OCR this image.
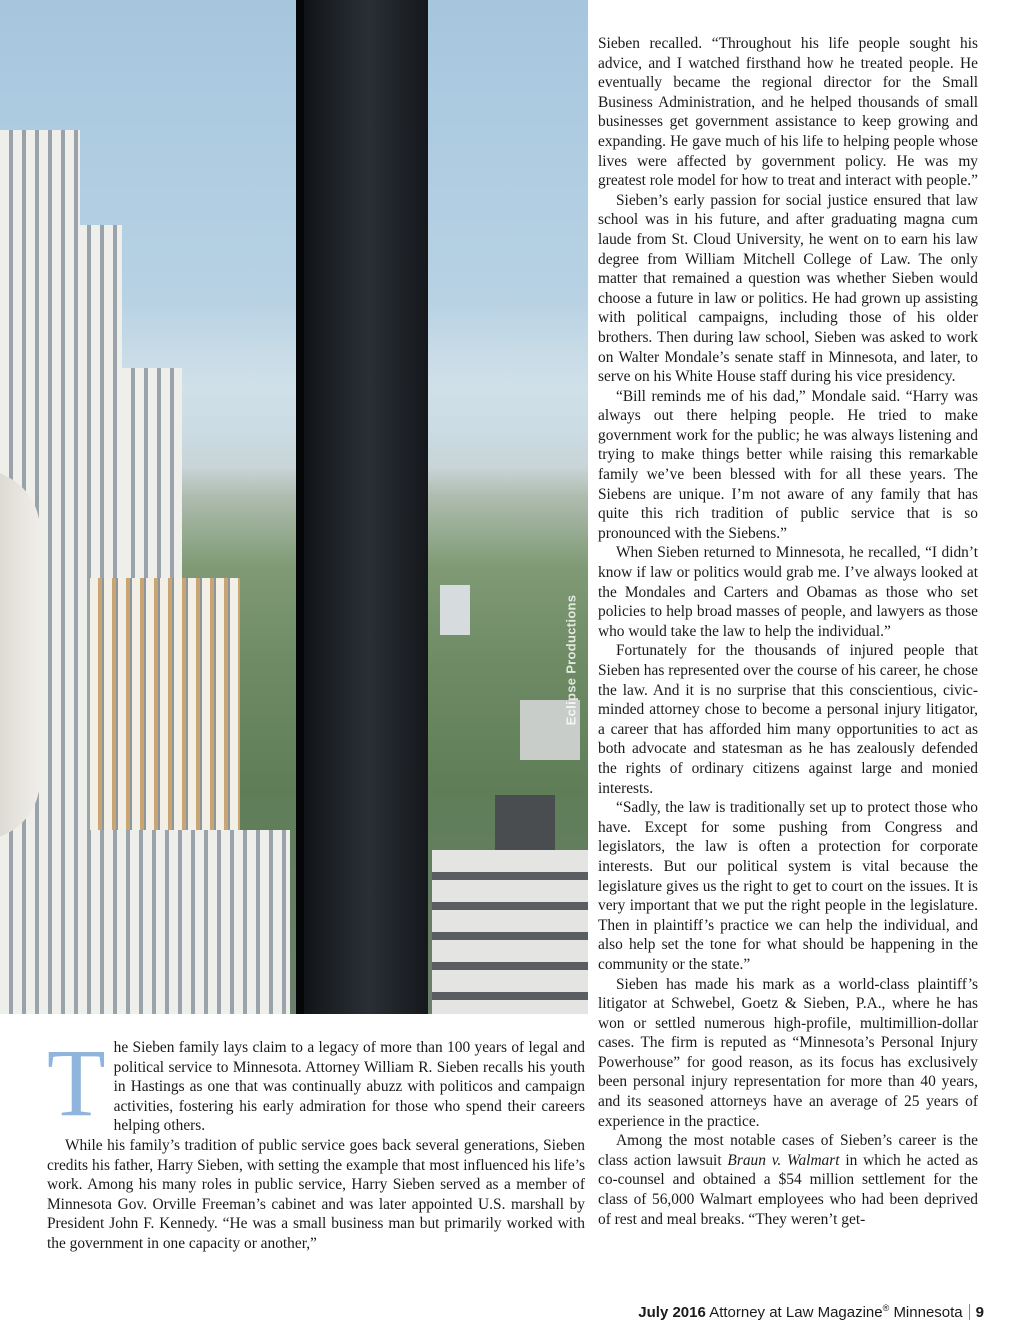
Eclipse Productions

Sieben recalled. “Throughout his life people sought his advice, and I watched firsthand how he treated people. He eventually became the regional director for the Small Business Administration, and he helped thousands of small businesses get government assistance to keep growing and expanding. He gave much of his life to helping people whose lives were affected by government policy. He was my greatest role model for how to treat and interact with people.”

Sieben’s early passion for social justice ensured that law school was in his future, and after graduating magna cum laude from St. Cloud University, he went on to earn his law degree from William Mitchell College of Law. The only matter that remained a question was whether Sieben would choose a future in law or politics. He had grown up assisting with political campaigns, including those of his older brothers. Then during law school, Sieben was asked to work on Walter Mondale’s senate staff in Minnesota, and later, to serve on his White House staff during his vice presidency.

“Bill reminds me of his dad,” Mondale said. “Harry was always out there helping people. He tried to make government work for the public; he was always listening and trying to make things better while raising this remarkable family we’ve been blessed with for all these years. The Siebens are unique. I’m not aware of any family that has quite this rich tradition of public service that is so pronounced with the Siebens.”

When Sieben returned to Minnesota, he recalled, “I didn’t know if law or politics would grab me. I’ve always looked at the Mondales and Carters and Obamas as those who set policies to help broad masses of people, and lawyers as those who would take the law to help the individual.”

Fortunately for the thousands of injured people that Sieben has represented over the course of his career, he chose the law. And it is no surprise that this conscientious, civic-minded attorney chose to become a personal injury litigator, a career that has afforded him many opportunities to act as both advocate and statesman as he has zealously defended the rights of ordinary citizens against large and monied interests.

“Sadly, the law is traditionally set up to protect those who have. Except for some pushing from Congress and legislators, the law is often a protection for corporate interests. But our political system is vital because the legislature gives us the right to get to court on the issues. It is very important that we put the right people in the legislature. Then in plaintiff’s practice we can help the individual, and also help set the tone for what should be happening in the community or the state.”

Sieben has made his mark as a world-class plaintiff’s litigator at Schwebel, Goetz & Sieben, P.A., where he has won or settled numerous high-profile, multimillion-dollar cases. The firm is reputed as “Minnesota’s Personal Injury Powerhouse” for good reason, as its focus has exclusively been personal injury representation for more than 40 years, and its seasoned attorneys have an average of 25 years of experience in the practice.

Among the most notable cases of Sieben’s career is the class action lawsuit Braun v. Walmart in which he acted as co-counsel and obtained a $54 million settlement for the class of 56,000 Walmart employees who had been deprived of rest and meal breaks. “They weren’t get-

The Sieben family lays claim to a legacy of more than 100 years of legal and political service to Minnesota. Attorney William R. Sieben recalls his youth in Hastings as one that was continually abuzz with politicos and campaign activities, fostering his early admiration for those who spend their careers helping others.

While his family’s tradition of public service goes back several generations, Sieben credits his father, Harry Sieben, with setting the example that most influenced his life’s work. Among his many roles in public service, Harry Sieben served as a member of Minnesota Gov. Orville Freeman’s cabinet and was later appointed U.S. marshall by President John F. Kennedy. “He was a small business man but primarily worked with the government in one capacity or another,”

July 2016 Attorney at Law Magazine® Minnesota 9
